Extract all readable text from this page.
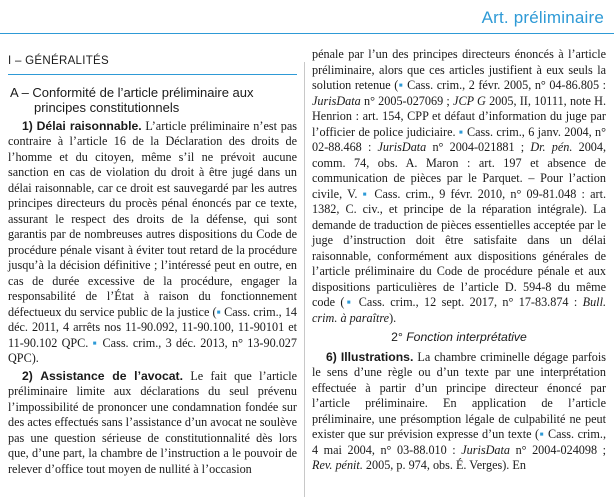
Art. préliminaire
I – GÉNÉRALITÉS
A – Conformité de l’article préliminaire aux principes constitutionnels

1) Délai raisonnable. L’article préliminaire n’est pas contraire à l’article 16 de la Déclaration des droits de l’homme et du citoyen, même s’il ne prévoit aucune sanction en cas de violation du droit à être jugé dans un délai raisonnable, car ce droit est sauvegardé par les autres principes directeurs du procès pénal énoncés par ce texte, assurant le respect des droits de la défense, qui sont garantis par de nombreuses autres dispositions du Code de procédure pénale visant à éviter tout retard de la procédure jusqu’à la décision définitive ; l’intéressé peut en outre, en cas de durée excessive de la procédure, engager la responsabilité de l’État à raison du fonctionnement défectueux du service public de la justice (▪ Cass. crim., 14 déc. 2011, 4 arrêts nos 11-90.092, 11-90.100, 11-90101 et 11-90.102 QPC. ▪ Cass. crim., 3 déc. 2013, n° 13-90.027 QPC).

2) Assistance de l’avocat. Le fait que l’article préliminaire limite aux déclarations du seul prévenu l’impossibilité de prononcer une condamnation fondée sur des actes effectués sans l’assistance d’un avocat ne soulève pas une question sérieuse de constitutionnalité dès lors que, d’une part, la chambre de l’instruction a le pouvoir de relever d’office tout moyen de nullité à l’occasion

pénale par l’un des principes directeurs énoncés à l’article préliminaire, alors que ces articles justifient à eux seuls la solution retenue (▪ Cass. crim., 2 févr. 2005, n° 04-86.805 : JurisData n° 2005-027069 ; JCP G 2005, II, 10111, note H. Henrion : art. 154, CPP et défaut d’information du juge par l’officier de police judiciaire. ▪ Cass. crim., 6 janv. 2004, n° 02-88.468 : JurisData n° 2004-021881 ; Dr. pén. 2004, comm. 74, obs. A. Maron : art. 197 et absence de communication de pièces par le Parquet. – Pour l’action civile, V. ▪ Cass. crim., 9 févr. 2010, n° 09-81.048 : art. 1382, C. civ., et principe de la réparation intégrale). La demande de traduction de pièces essentielles acceptée par le juge d’instruction doit être satisfaite dans un délai raisonnable, conformément aux dispositions générales de l’article préliminaire du Code de procédure pénale et aux dispositions particulières de l’article D. 594-8 du même code (▪ Cass. crim., 12 sept. 2017, n° 17-83.874 : Bull. crim. à paraître).

2° Fonction interprétative

6) Illustrations. La chambre criminelle dégage parfois le sens d’une règle ou d’un texte par une interprétation effectuée à partir d’un principe directeur énoncé par l’article préliminaire. En application de l’article préliminaire, une présomption légale de culpabilité ne peut exister que sur prévision expresse d’un texte (▪ Cass. crim., 4 mai 2004, n° 03-88.010 : JurisData n° 2004-024098 ; Rev. pénit. 2005, p. 974, obs. É. Verges). En
